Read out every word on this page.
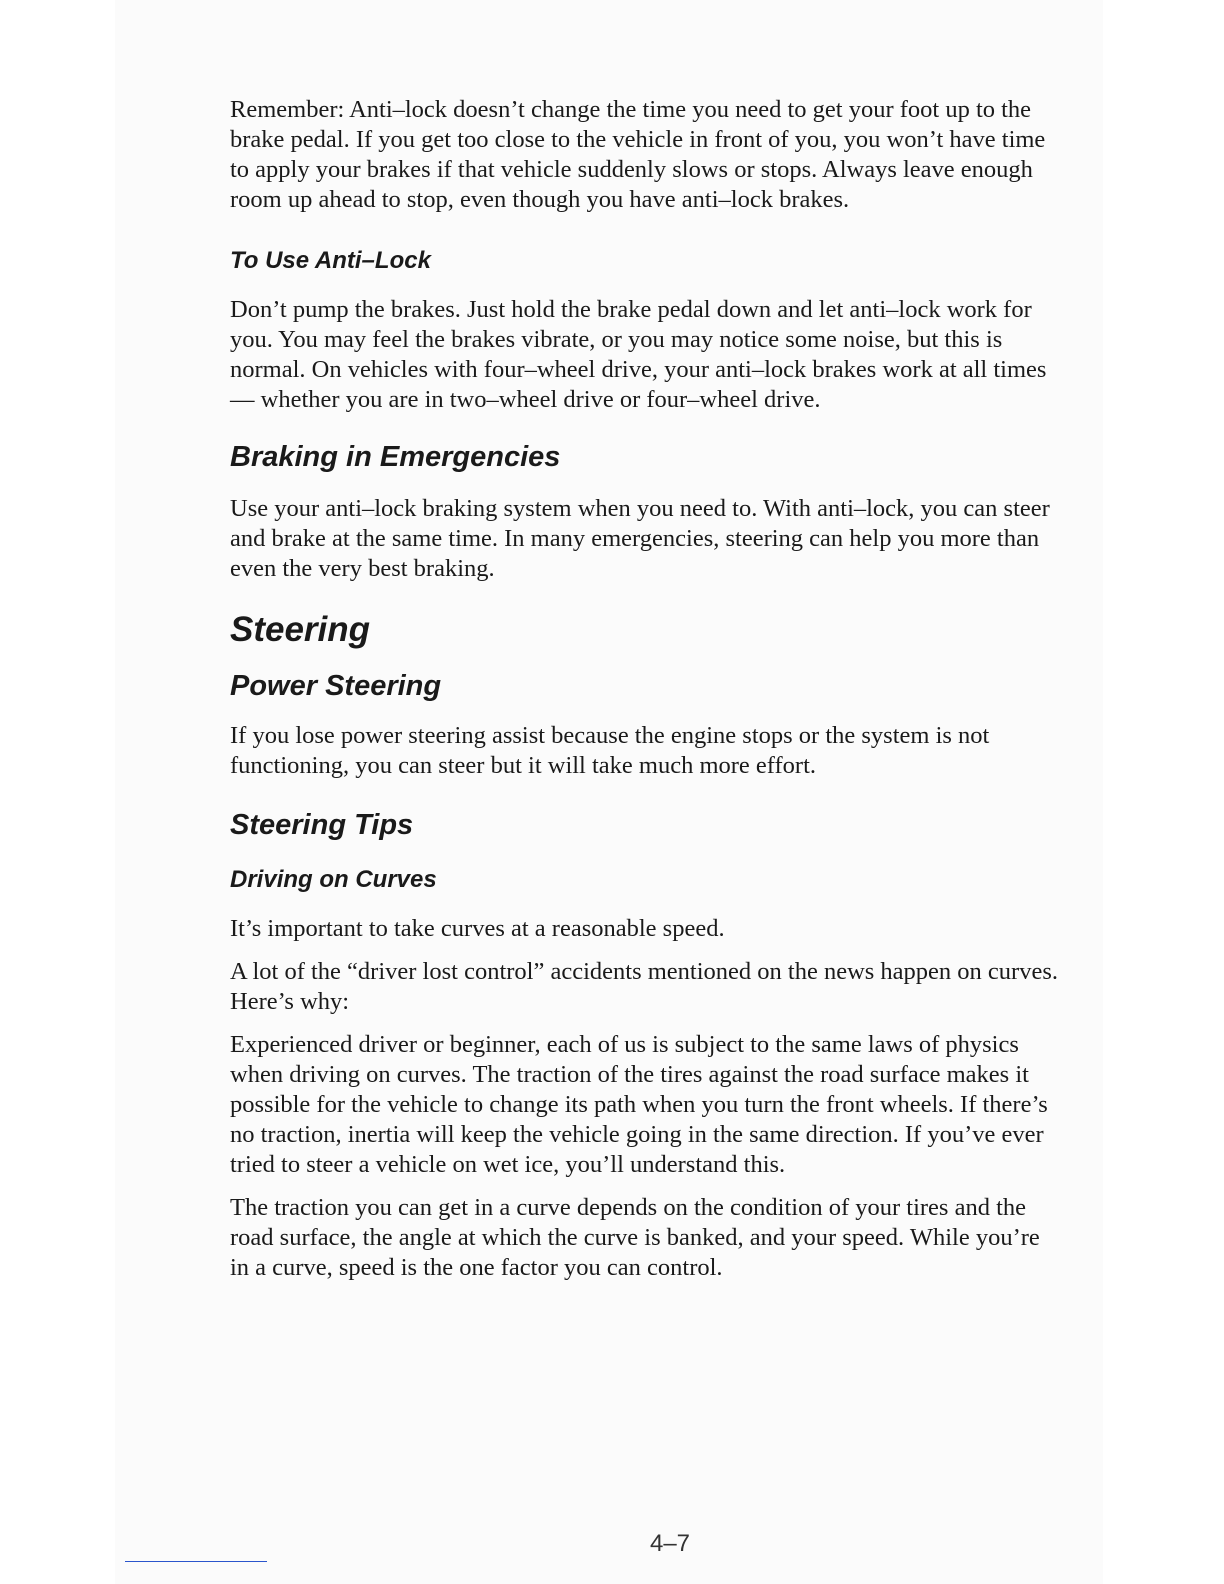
Remember: Anti–lock doesn’t change the time you need to get your foot up to the brake pedal. If you get too close to the vehicle in front of you, you won’t have time to apply your brakes if that vehicle suddenly slows or stops. Always leave enough room up ahead to stop, even though you have anti–lock brakes.

To Use Anti–Lock

Don’t pump the brakes. Just hold the brake pedal down and let anti–lock work for you. You may feel the brakes vibrate, or you may notice some noise, but this is normal. On vehicles with four–wheel drive, your anti–lock brakes work at all times — whether you are in two–wheel drive or four–wheel drive.

Braking in Emergencies

Use your anti–lock braking system when you need to. With anti–lock, you can steer and brake at the same time. In many emergencies, steering can help you more than even the very best braking.

Steering
Power Steering

If you lose power steering assist because the engine stops or the system is not functioning, you can steer but it will take much more effort.

Steering Tips
Driving on Curves

It’s important to take curves at a reasonable speed.

A lot of the “driver lost control” accidents mentioned on the news happen on curves. Here’s why:

Experienced driver or beginner, each of us is subject to the same laws of physics when driving on curves. The traction of the tires against the road surface makes it possible for the vehicle to change its path when you turn the front wheels. If there’s no traction, inertia will keep the vehicle going in the same direction. If you’ve ever tried to steer a vehicle on wet ice, you’ll understand this.

The traction you can get in a curve depends on the condition of your tires and the road surface, the angle at which the curve is banked, and your speed. While you’re in a curve, speed is the one factor you can control.

4–7
